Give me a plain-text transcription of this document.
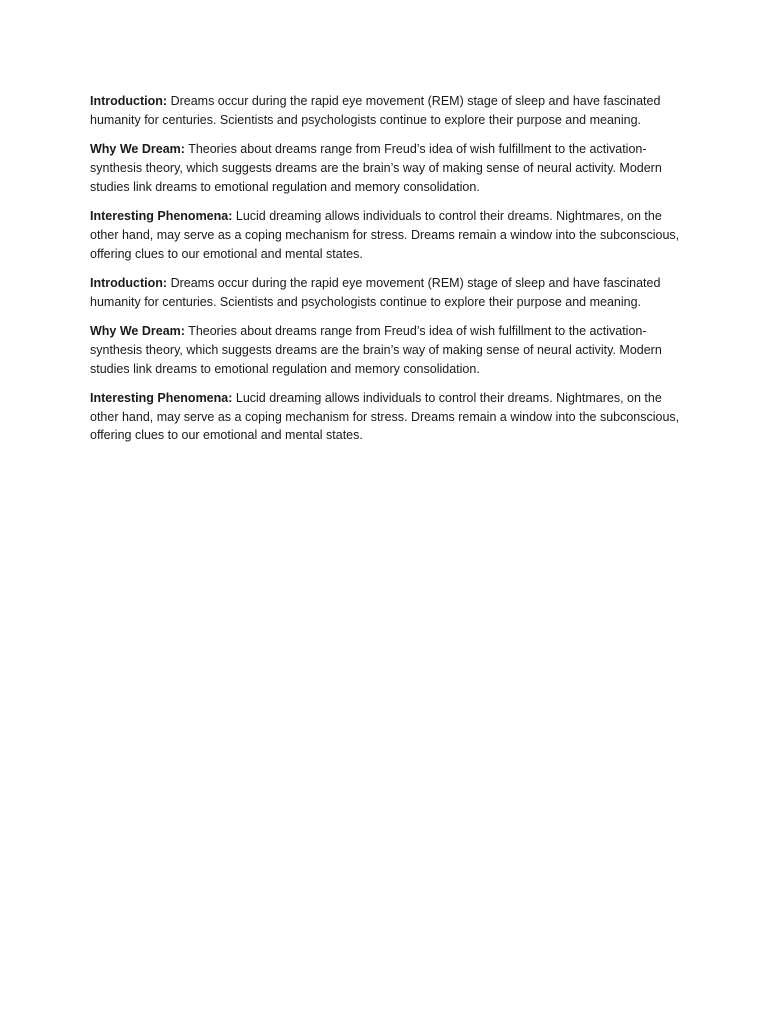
Introduction: Dreams occur during the rapid eye movement (REM) stage of sleep and have fascinated humanity for centuries. Scientists and psychologists continue to explore their purpose and meaning.

Why We Dream: Theories about dreams range from Freud’s idea of wish fulfillment to the activation-synthesis theory, which suggests dreams are the brain’s way of making sense of neural activity. Modern studies link dreams to emotional regulation and memory consolidation.

Interesting Phenomena: Lucid dreaming allows individuals to control their dreams. Nightmares, on the other hand, may serve as a coping mechanism for stress. Dreams remain a window into the subconscious, offering clues to our emotional and mental states.

Introduction: Dreams occur during the rapid eye movement (REM) stage of sleep and have fascinated humanity for centuries. Scientists and psychologists continue to explore their purpose and meaning.

Why We Dream: Theories about dreams range from Freud’s idea of wish fulfillment to the activation-synthesis theory, which suggests dreams are the brain’s way of making sense of neural activity. Modern studies link dreams to emotional regulation and memory consolidation.

Interesting Phenomena: Lucid dreaming allows individuals to control their dreams. Nightmares, on the other hand, may serve as a coping mechanism for stress. Dreams remain a window into the subconscious, offering clues to our emotional and mental states.
